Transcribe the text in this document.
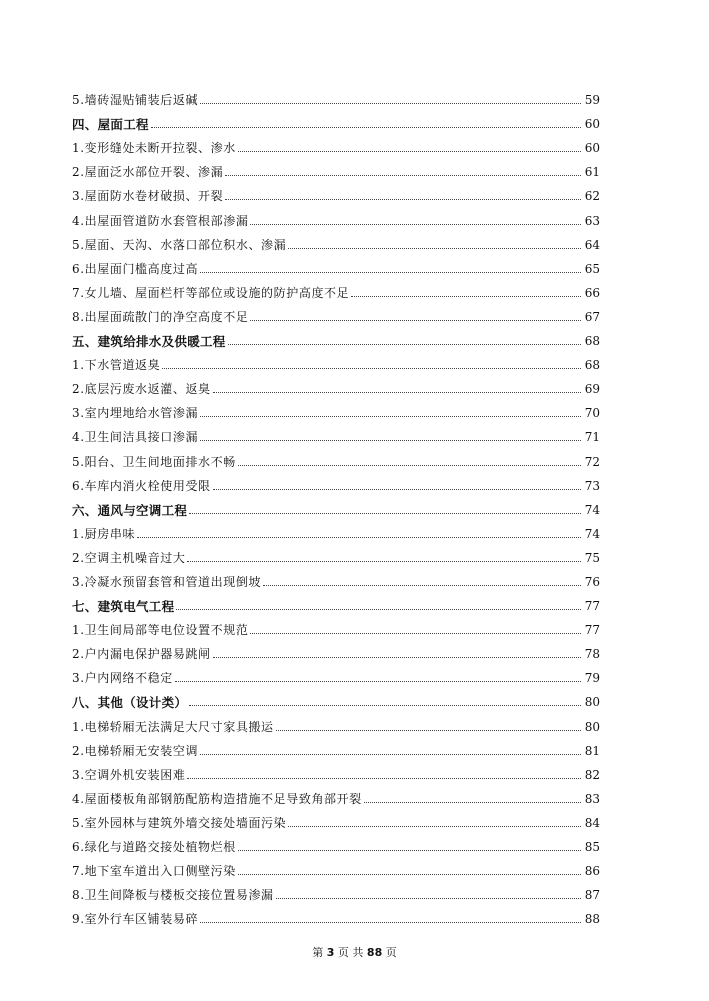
5.墙砖湿贴铺装后返碱	59
四、屋面工程	60
1.变形缝处未断开拉裂、渗水	60
2.屋面泛水部位开裂、渗漏	61
3.屋面防水卷材破损、开裂	62
4.出屋面管道防水套管根部渗漏	63
5.屋面、天沟、水落口部位积水、渗漏	64
6.出屋面门槛高度过高	65
7.女儿墙、屋面栏杆等部位或设施的防护高度不足	66
8.出屋面疏散门的净空高度不足	67
五、建筑给排水及供暖工程	68
1.下水管道返臭	68
2.底层污废水返灌、返臭	69
3.室内埋地给水管渗漏	70
4.卫生间洁具接口渗漏	71
5.阳台、卫生间地面排水不畅	72
6.车库内消火栓使用受限	73
六、通风与空调工程	74
1.厨房串味	74
2.空调主机噪音过大	75
3.冷凝水预留套管和管道出现倒坡	76
七、建筑电气工程	77
1.卫生间局部等电位设置不规范	77
2.户内漏电保护器易跳闸	78
3.户内网络不稳定	79
八、其他（设计类）	80
1.电梯轿厢无法满足大尺寸家具搬运	80
2.电梯轿厢无安装空调	81
3.空调外机安装困难	82
4.屋面楼板角部钢筋配筋构造措施不足导致角部开裂	83
5.室外园林与建筑外墙交接处墙面污染	84
6.绿化与道路交接处植物烂根	85
7.地下室车道出入口侧壁污染	86
8.卫生间降板与楼板交接位置易渗漏	87
9.室外行车区铺装易碎	88
第 3 页 共 88 页
